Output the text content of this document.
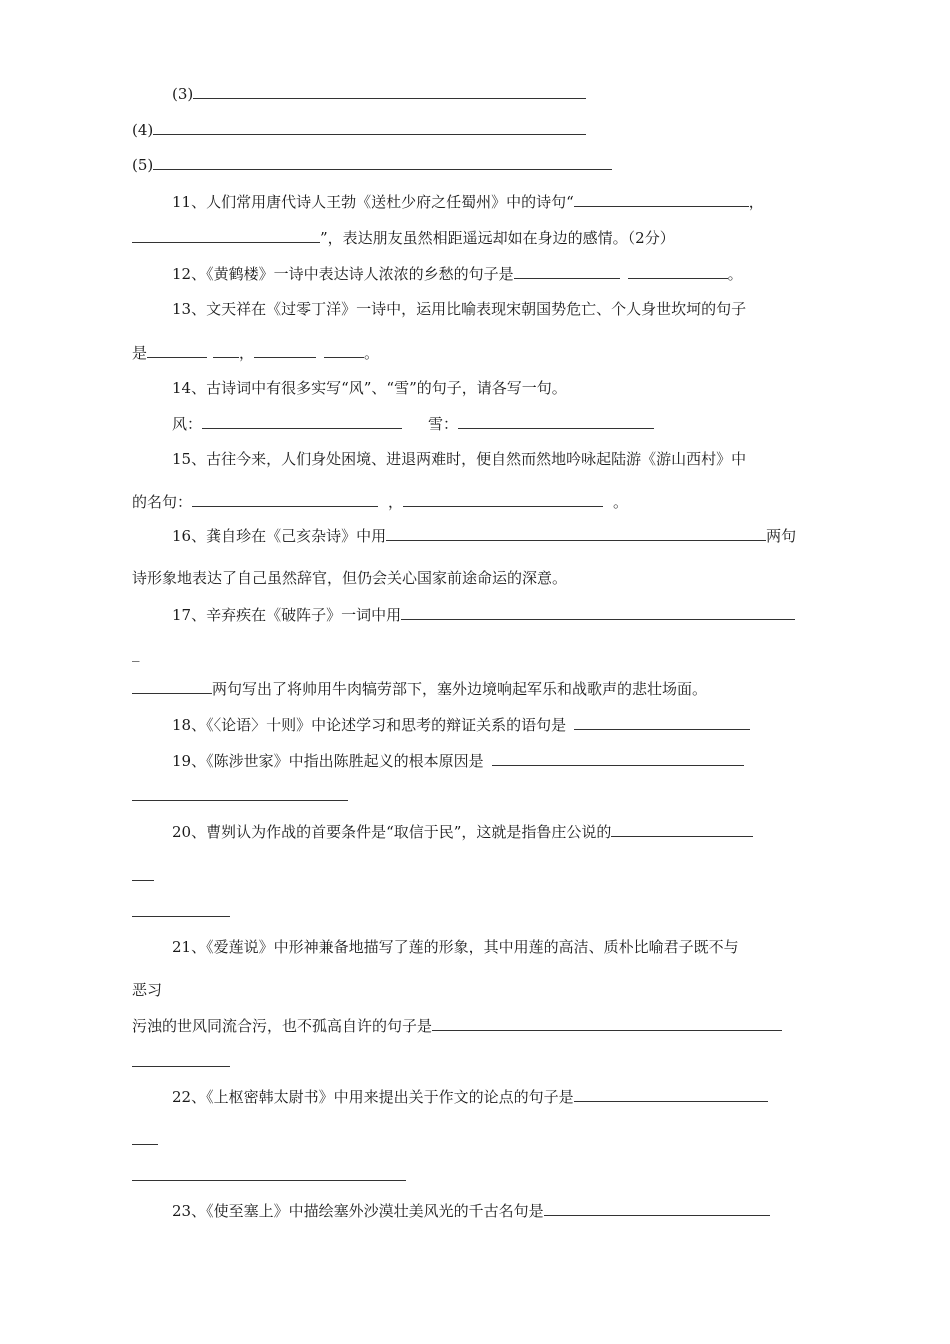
(3)
(4)
(5)
11、人们常用唐代诗人王勃《送杜少府之任蜀州》中的诗句“	，
”，表达朋友虽然相距遥远却如在身边的感情。（2分）
12、《黄鹤楼》一诗中表达诗人浓浓的乡愁的句子是	。
13、文天祥在《过零丁洋》一诗中，运用比喻表现宋朝国势危亡、个人身世坎坷的句子
是	，	。
14、古诗词中有很多实写“风”、“雪”的句子，请各写一句。
风：	雪：
15、古往今来，人们身处困境、进退两难时，便自然而然地吟咏起陆游《游山西村》中
的名句：	，	。
16、龚自珍在《己亥杂诗》中用	两句
诗形象地表达了自己虽然辞官，但仍会关心国家前途命运的深意。
17、辛弃疾在《破阵子》一词中用
_
两句写出了将帅用牛肉犒劳部下，塞外边境响起军乐和战歌声的悲壮场面。
18、《〈论语〉十则》中论述学习和思考的辩证关系的语句是
19、《陈涉世家》中指出陈胜起义的根本原因是
20、曹刿认为作战的首要条件是“取信于民”，这就是指鲁庄公说的
21、《爱莲说》中形神兼备地描写了莲的形象，其中用莲的高洁、质朴比喻君子既不与
恶习
污浊的世风同流合污，也不孤高自许的句子是
22、《上枢密韩太尉书》中用来提出关于作文的论点的句子是
23、《使至塞上》中描绘塞外沙漠壮美风光的千古名句是
